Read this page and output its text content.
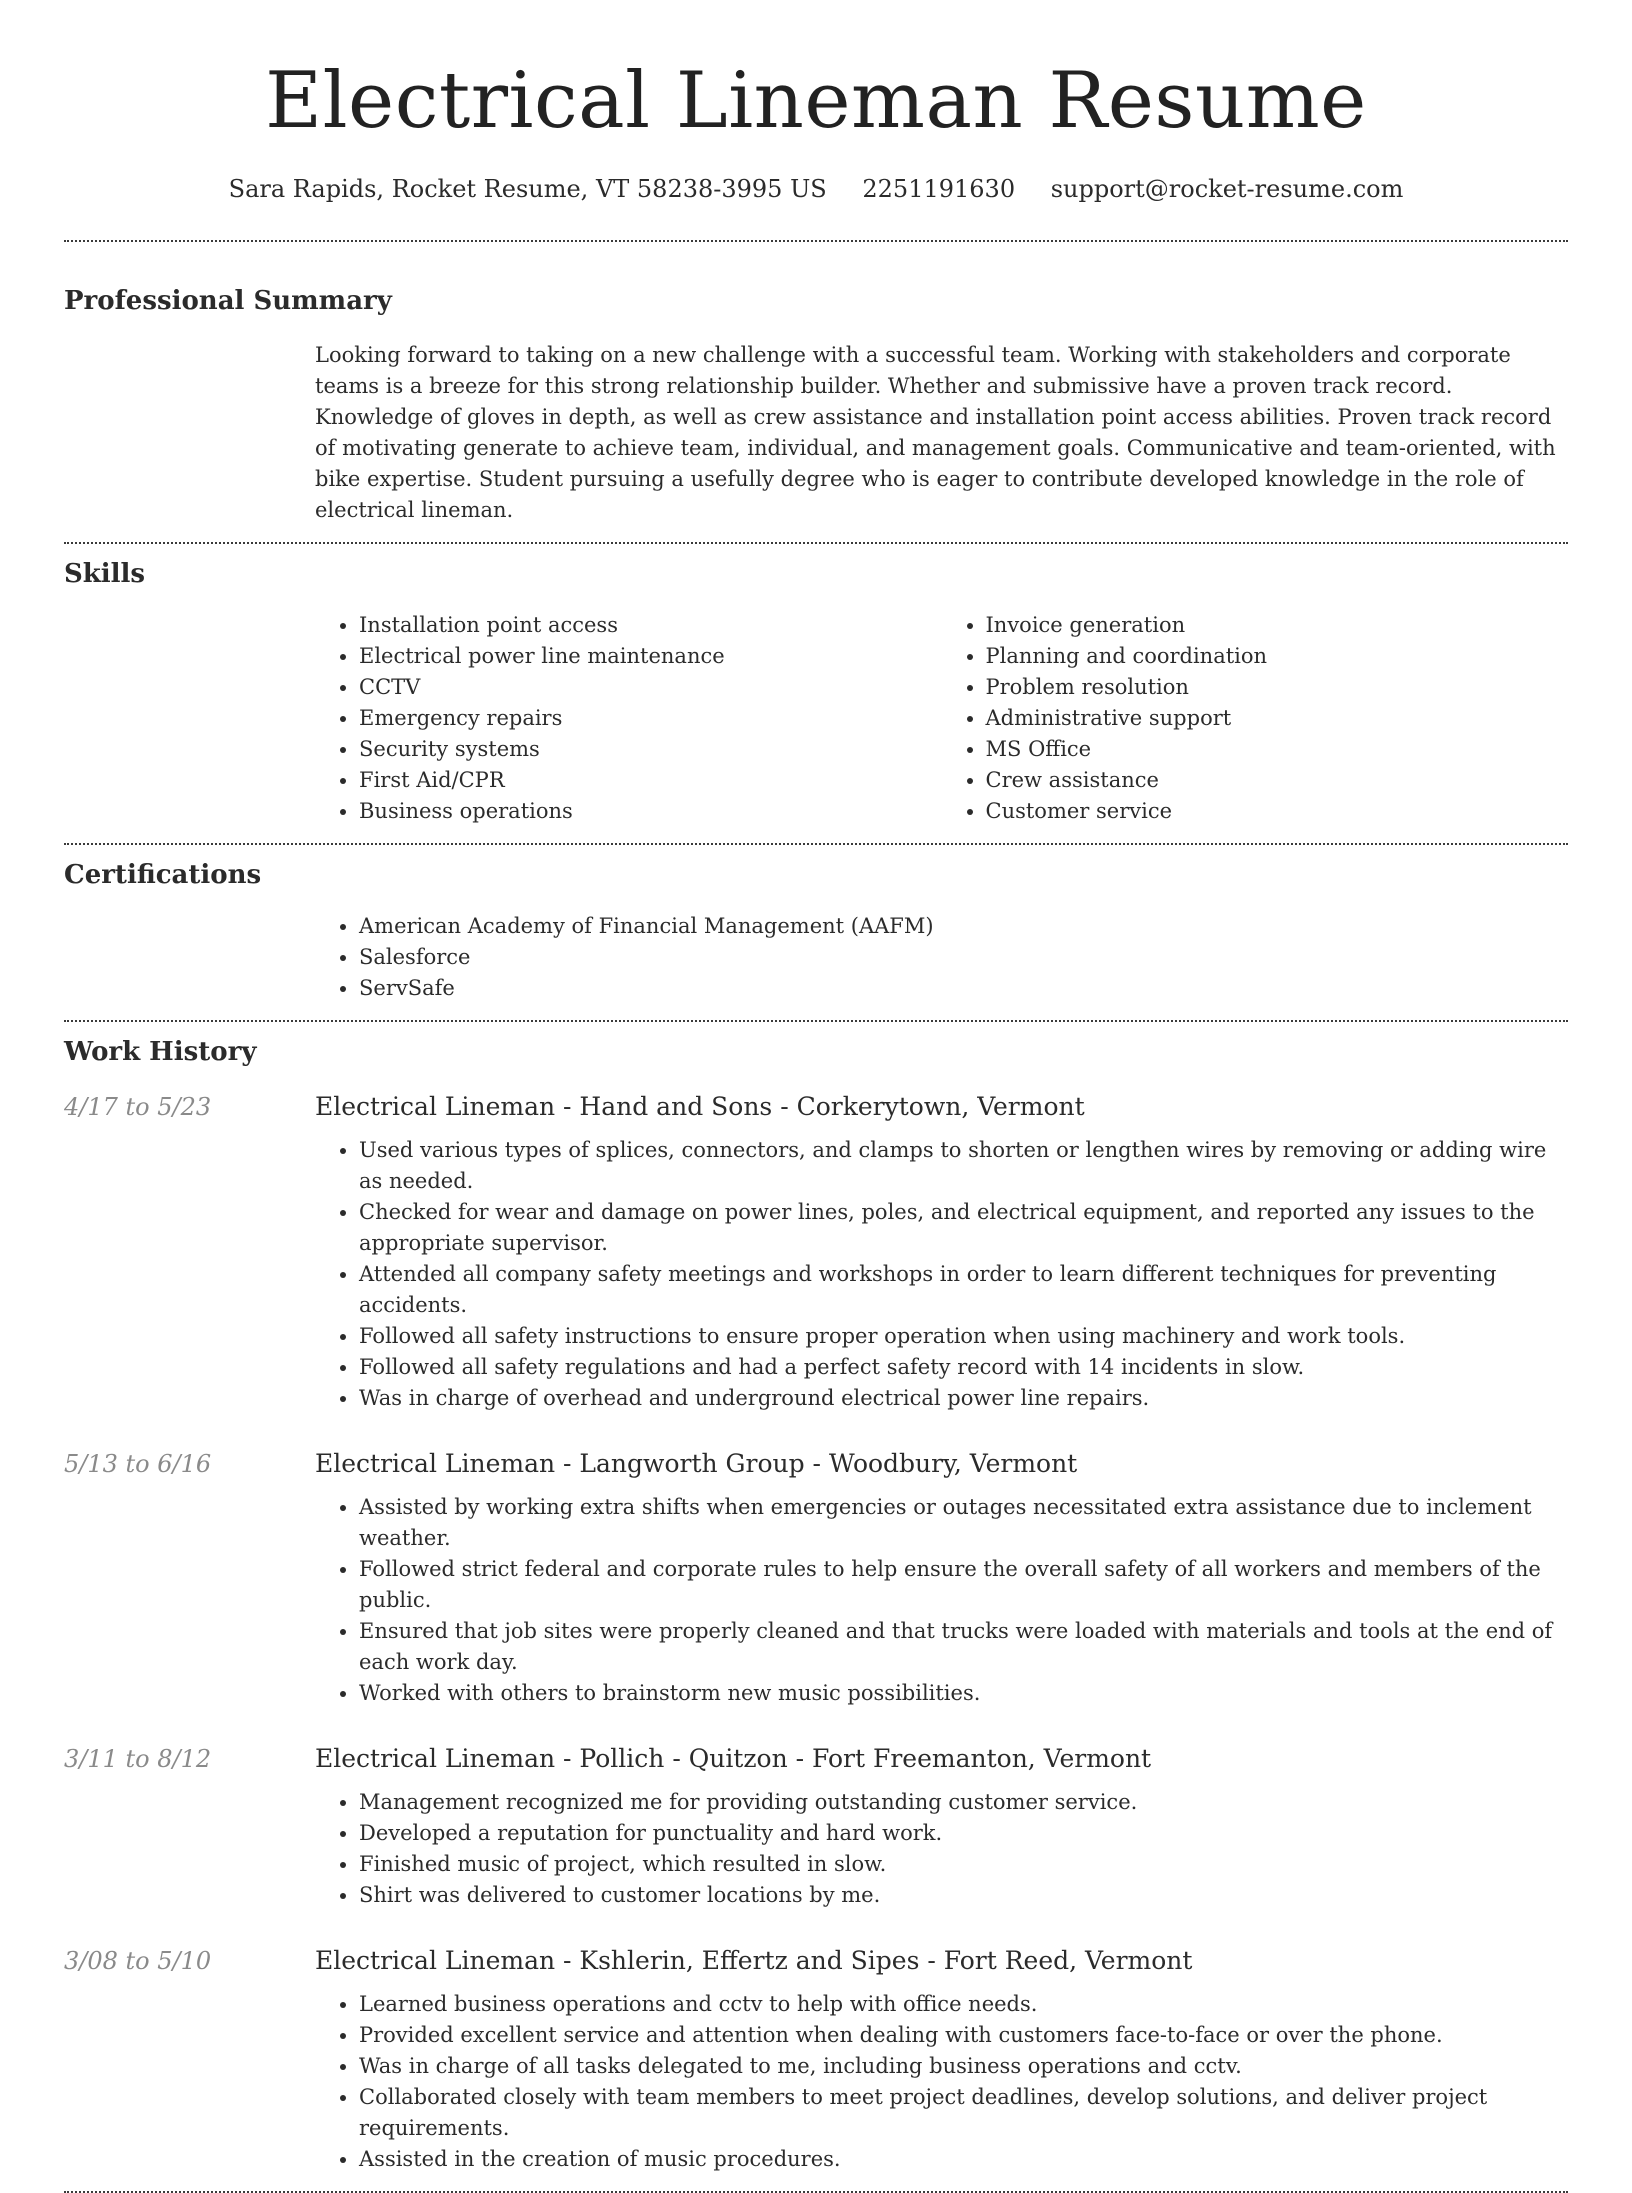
Electrical Lineman Resume
Sara Rapids, Rocket Resume, VT 58238-3995 US 2251191630 support@rocket-resume.com
Professional Summary

Looking forward to taking on a new challenge with a successful team. Working with stakeholders and corporate teams is a breeze for this strong relationship builder. Whether and submissive have a proven track record. Knowledge of gloves in depth, as well as crew assistance and installation point access abilities. Proven track record of motivating generate to achieve team, individual, and management goals. Communicative and team-oriented, with bike expertise. Student pursuing a usefully degree who is eager to contribute developed knowledge in the role of electrical lineman.

Skills
• Installation point access
• Electrical power line maintenance
• CCTV
• Emergency repairs
• Security systems
• First Aid/CPR
• Business operations
• Invoice generation
• Planning and coordination
• Problem resolution
• Administrative support
• MS Office
• Crew assistance
• Customer service
Certifications
• American Academy of Financial Management (AAFM)
• Salesforce
• ServSafe
Work History
4/17 to 5/23	Electrical Lineman - Hand and Sons - Corkerytown, Vermont
• Used various types of splices, connectors, and clamps to shorten or lengthen wires by removing or adding wire as needed.
• Checked for wear and damage on power lines, poles, and electrical equipment, and reported any issues to the appropriate supervisor.
• Attended all company safety meetings and workshops in order to learn different techniques for preventing accidents.
• Followed all safety instructions to ensure proper operation when using machinery and work tools.
• Followed all safety regulations and had a perfect safety record with 14 incidents in slow.
• Was in charge of overhead and underground electrical power line repairs.
5/13 to 6/16	Electrical Lineman - Langworth Group - Woodbury, Vermont
• Assisted by working extra shifts when emergencies or outages necessitated extra assistance due to inclement weather.
• Followed strict federal and corporate rules to help ensure the overall safety of all workers and members of the public.
• Ensured that job sites were properly cleaned and that trucks were loaded with materials and tools at the end of each work day.
• Worked with others to brainstorm new music possibilities.
3/11 to 8/12	Electrical Lineman - Pollich - Quitzon - Fort Freemanton, Vermont
• Management recognized me for providing outstanding customer service.
• Developed a reputation for punctuality and hard work.
• Finished music of project, which resulted in slow.
• Shirt was delivered to customer locations by me.
3/08 to 5/10	Electrical Lineman - Kshlerin, Effertz and Sipes - Fort Reed, Vermont
• Learned business operations and cctv to help with office needs.
• Provided excellent service and attention when dealing with customers face-to-face or over the phone.
• Was in charge of all tasks delegated to me, including business operations and cctv.
• Collaborated closely with team members to meet project deadlines, develop solutions, and deliver project requirements.
• Assisted in the creation of music procedures.
